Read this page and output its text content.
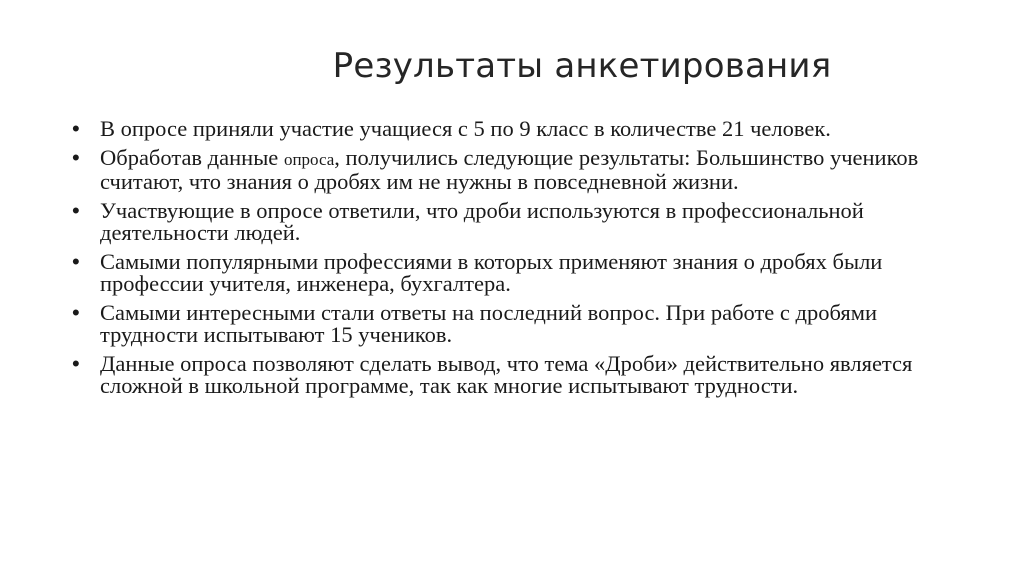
Результаты анкетирования
• В опросе приняли участие учащиеся с 5 по 9 класс в количестве 21 человек.
• Обработав данные опроса, получились следующие результаты: Большинство учеников считают, что знания о дробях им не нужны в повседневной жизни.
• Участвующие в опросе ответили, что дроби используются в профессиональной деятельности людей.
• Самыми популярными профессиями в которых применяют знания о дробях были профессии учителя, инженера, бухгалтера.
• Самыми интересными стали ответы на последний вопрос. При работе с дробями трудности испытывают 15 учеников.
• Данные опроса позволяют сделать вывод, что тема «Дроби» действительно является сложной в школьной программе, так как многие испытывают трудности.
